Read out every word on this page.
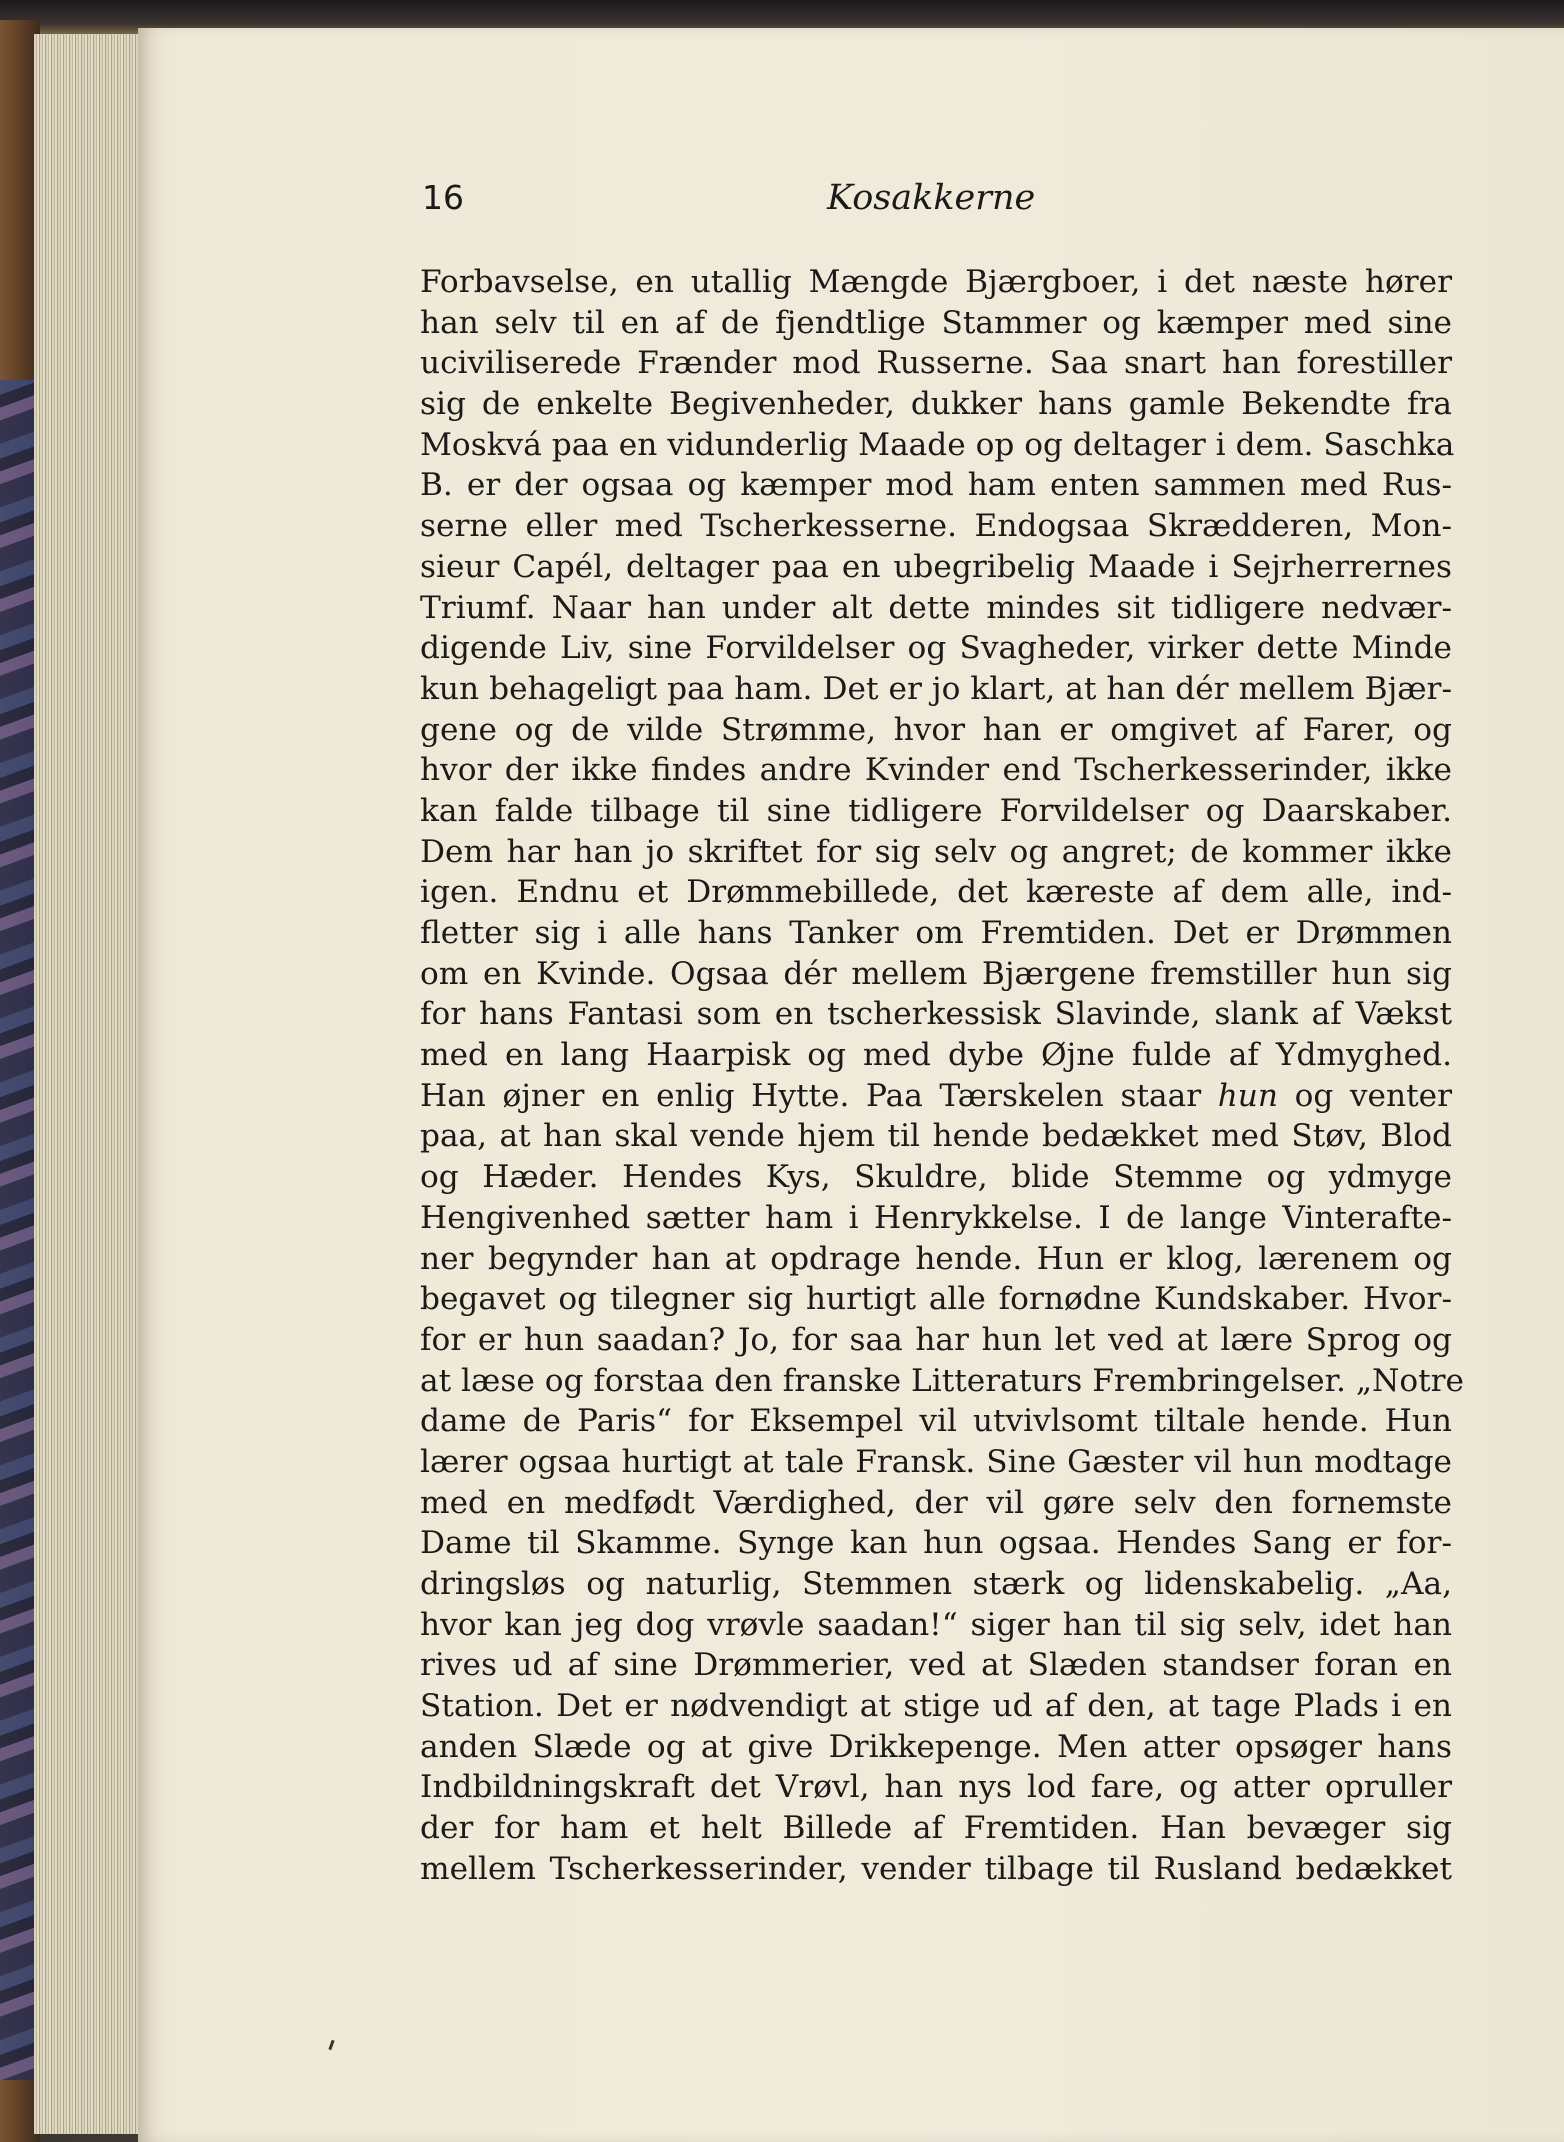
16	Kosakkerne
Forbavselse, en utallig Mængde Bjærgboer, i det næste hører
han selv til en af de fjendtlige Stammer og kæmper med sine
uciviliserede Frænder mod Russerne. Saa snart han forestiller
sig de enkelte Begivenheder, dukker hans gamle Bekendte fra
Moskvá paa en vidunderlig Maade op og deltager i dem. Saschka
B. er der ogsaa og kæmper mod ham enten sammen med Rus-
serne eller med Tscherkesserne. Endogsaa Skrædderen, Mon-
sieur Capél, deltager paa en ubegribelig Maade i Sejrherrernes
Triumf. Naar han under alt dette mindes sit tidligere nedvær-
digende Liv, sine Forvildelser og Svagheder, virker dette Minde
kun behageligt paa ham. Det er jo klart, at han dér mellem Bjær-
gene og de vilde Strømme, hvor han er omgivet af Farer, og
hvor der ikke findes andre Kvinder end Tscherkesserinder, ikke
kan falde tilbage til sine tidligere Forvildelser og Daarskaber.
Dem har han jo skriftet for sig selv og angret; de kommer ikke
igen. Endnu et Drømmebillede, det kæreste af dem alle, ind-
fletter sig i alle hans Tanker om Fremtiden. Det er Drømmen
om en Kvinde. Ogsaa dér mellem Bjærgene fremstiller hun sig
for hans Fantasi som en tscherkessisk Slavinde, slank af Vækst
med en lang Haarpisk og med dybe Øjne fulde af Ydmyghed.
Han øjner en enlig Hytte. Paa Tærskelen staar hun og venter
paa, at han skal vende hjem til hende bedækket med Støv, Blod
og Hæder. Hendes Kys, Skuldre, blide Stemme og ydmyge
Hengivenhed sætter ham i Henrykkelse. I de lange Vinterafte-
ner begynder han at opdrage hende. Hun er klog, lærenem og
begavet og tilegner sig hurtigt alle fornødne Kundskaber. Hvor-
for er hun saadan? Jo, for saa har hun let ved at lære Sprog og
at læse og forstaa den franske Litteraturs Frembringelser. „Notre
dame de Paris“ for Eksempel vil utvivlsomt tiltale hende. Hun
lærer ogsaa hurtigt at tale Fransk. Sine Gæster vil hun modtage
med en medfødt Værdighed, der vil gøre selv den fornemste
Dame til Skamme. Synge kan hun ogsaa. Hendes Sang er for-
dringsløs og naturlig, Stemmen stærk og lidenskabelig. „Aa,
hvor kan jeg dog vrøvle saadan!“ siger han til sig selv, idet han
rives ud af sine Drømmerier, ved at Slæden standser foran en
Station. Det er nødvendigt at stige ud af den, at tage Plads i en
anden Slæde og at give Drikkepenge. Men atter opsøger hans
Indbildningskraft det Vrøvl, han nys lod fare, og atter opruller
der for ham et helt Billede af Fremtiden. Han bevæger sig
mellem Tscherkesserinder, vender tilbage til Rusland bedækket
